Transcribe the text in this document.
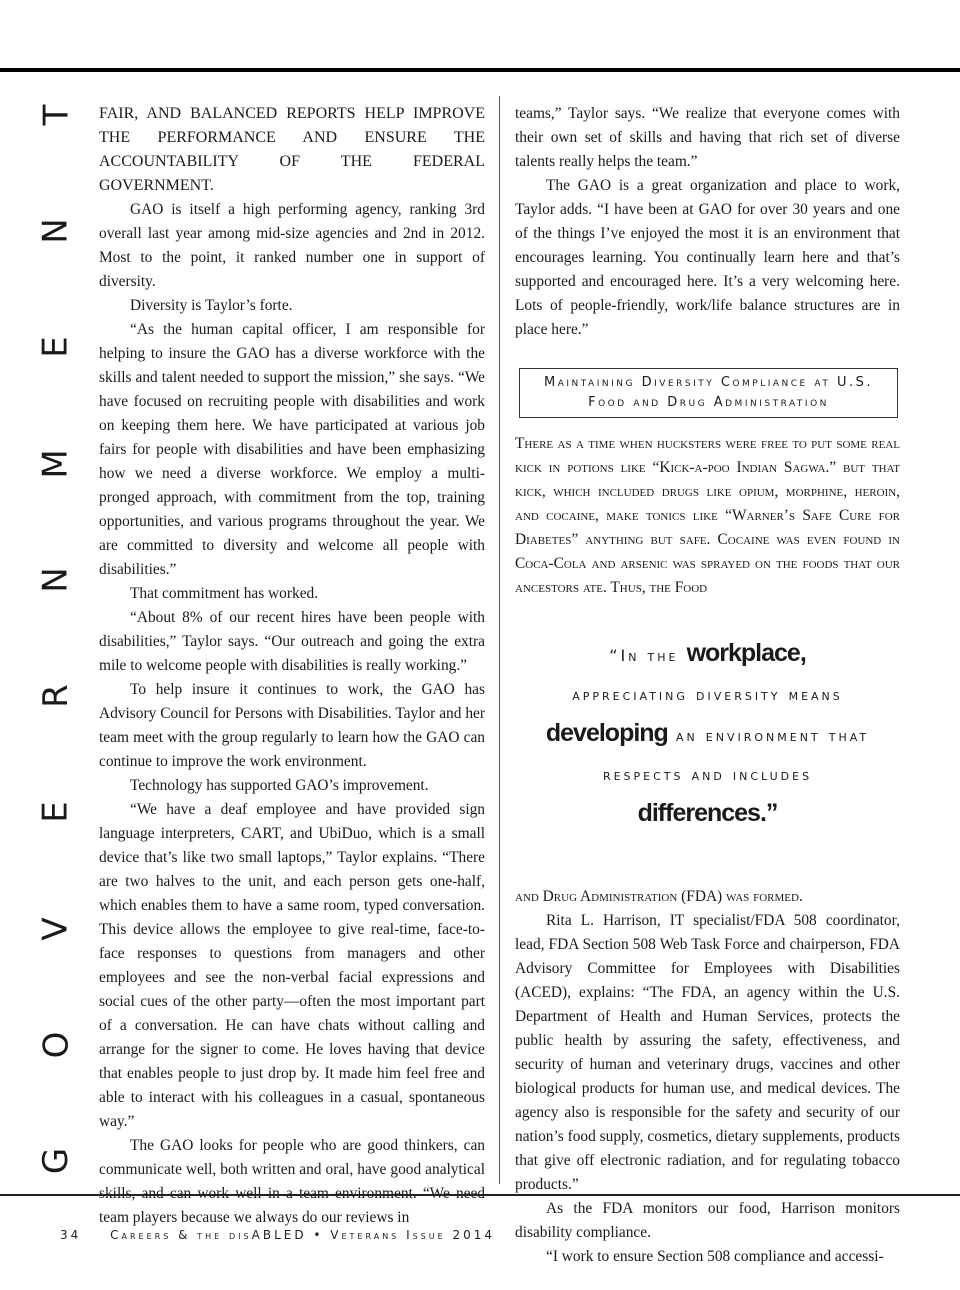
G
O
V
E
R
N
M
E
N
T FAIR, AND BALANCED REPORTS HELP IMPROVE THE PERFORMANCE AND ENSURE THE ACCOUNTABILITY OF THE FEDERAL GOVERNMENT.

GAO is itself a high performing agency, ranking 3rd overall last year among mid-size agencies and 2nd in 2012. Most to the point, it ranked number one in support of diversity.

Diversity is Taylor’s forte.

“As the human capital officer, I am responsible for helping to insure the GAO has a diverse workforce with the skills and talent needed to support the mission,” she says. “We have focused on recruiting people with disabilities and work on keeping them here. We have participated at various job fairs for people with disabilities and have been emphasizing how we need a diverse workforce. We employ a multi-pronged approach, with commitment from the top, training opportunities, and various programs throughout the year. We are committed to diversity and welcome all people with disabilities.”

That commitment has worked.

“About 8% of our recent hires have been people with disabilities,” Taylor says. “Our outreach and going the extra mile to welcome people with disabilities is really working.”

To help insure it continues to work, the GAO has Advisory Council for Persons with Disabilities. Taylor and her team meet with the group regularly to learn how the GAO can continue to improve the work environment.

Technology has supported GAO’s improvement.

“We have a deaf employee and have provided sign language interpreters, CART, and UbiDuo, which is a small device that’s like two small laptops,” Taylor explains. “There are two halves to the unit, and each person gets one-half, which enables them to have a same room, typed conversation. This device allows the employee to give real-time, face-to-face responses to questions from managers and other employees and see the non-verbal facial expressions and social cues of the other party—often the most important part of a conversation. He can have chats without calling and arrange for the signer to come. He loves having that device that enables people to just drop by. It made him feel free and able to interact with his colleagues in a casual, spontaneous way.”

The GAO looks for people who are good thinkers, can communicate well, both written and oral, have good analytical team players because we always do our reviews in

teams,” Taylor says. “We realize that everyone comes with their own set of skills and having that rich set of diverse talents really helps the team.”

The GAO is a great organization and place to work, Taylor adds. “I have been at GAO for over 30 years and one of the things I’ve enjoyed the most it is an environment that encourages learning. You continually learn here and that’s supported and encouraged here. It’s a very welcoming here. Lots of people-friendly, work/life balance structures are in place here.”

Maintaining Diversity Compliance at U.S. Food and Drug Administration

There as a time when hucksters were free to put some real kick in potions like “Kick-a-poo Indian Sagwa.” but that kick, which included drugs like opium, morphine, heroin, and cocaine, make tonics like “Warner’s Safe Cure for Diabetes” anything but safe. Cocaine was even found in Coca-Cola and arsenic was sprayed on the foods that our ancestors ate. Thus, the Food

“In the workplace,
appreciating diversity means
developing an environment that
respects and includes
differences.”

and Drug Administration (FDA) was formed.

Rita L. Harrison, IT specialist/FDA 508 coordinator, lead, FDA Section 508 Web Task Force and chairperson, FDA Advisory Committee for Employees with Disabilities (ACED), explains: “The FDA, an agency within the U.S. Department of Health and Human Services, protects the public health by assuring the safety, effectiveness, and security of human and veterinary drugs, vaccines and other biological products for human use, and medical devices. The agency also is responsible for the safety and security of our nation’s food supply, cosmetics, dietary supplements, products that give off electronic radiation, and for regulating tobacco products.”

As the FDA monitors our food, Harrison monitors disability compliance.

“I work to ensure Section 508 compliance and accessi-

34 Careers & the disABLED • Veterans Issue 2014
